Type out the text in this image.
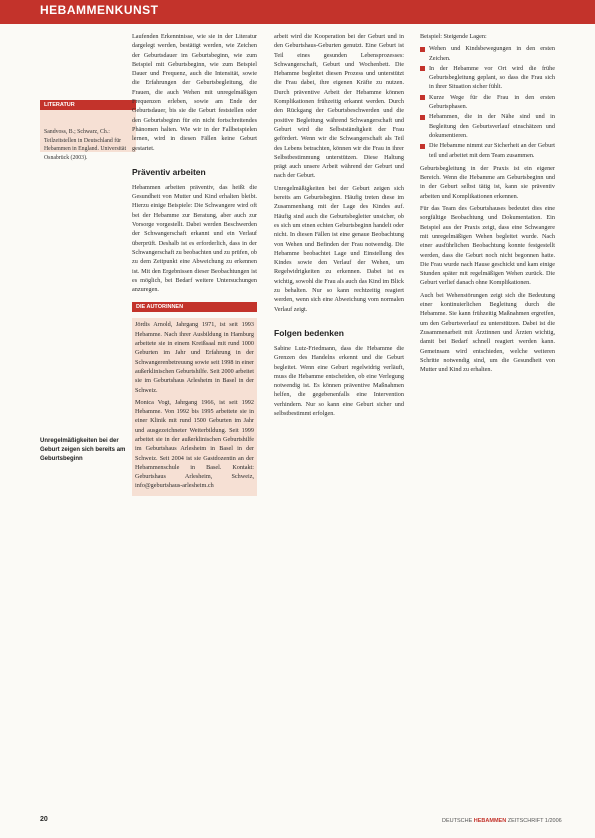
HEBAMMENKUNST
LITERATUR
Sandvoss, B.; Schwarz, Ch.: Teilzeitstellen in Deutschland für Hebammen in England. Universität Osnabrück (2003).
Unregelmäßigkeiten bei der Geburt zeigen sich bereits am Geburtsbeginn

Laufenden Erkenntnisse, wie sie in der Literatur dargelegt werden, bestätigt werden, wie Zeichen der Geburtsdauer im Geburtsbeginn, wie zum Beispiel mit Geburtsbeginn, wie zum Beispiel Dauer und Frequenz, auch die Intensität, sowie die Erfahrungen der Geburtsbegleitung, die Frauen, die auch Wehen mit unregelmäßigen Frequenzen erleben, sowie am Ende der Geburtsdauer, bis sie die Geburt feststellen oder den Geburtsbeginn für ein nicht fortschreitendes Phänomen halten. Wie wir in der Fallbeispielen lernen, wird in diesen Fällen keine Geburt gestartet.

Präventiv arbeiten

Hebammen arbeiten präventiv, das heißt die Gesundheit von Mutter und Kind erhalten bleibt. Hierzu einige Beispiele: Die Schwangere wird oft bei der Hebamme zur Beratung, aber auch zur Vorsorge vorgestellt. Dabei werden Beschwerden der Schwangerschaft erkannt und ein Verlauf überprüft. Deshalb ist es erforderlich, dass in der Schwangerschaft zu beobachten und zu prüfen, ob zu dem Zeitpunkt eine Abweichung zu erkennen ist. Mit den Ergebnissen dieser Beobachtungen ist es möglich, bei Bedarf weitere Untersuchungen anzuregen.

DIE AUTORINNEN

Jördis Arnold, Jahrgang 1971, ist seit 1993 Hebamme. Nach ihrer Ausbildung in Hamburg arbeitete sie in einem Kreißsaal mit rund 1000 Geburten im Jahr und Erfahrung in der Schwangerenbetreuung sowie seit 1998 in einer außerklinischen Geburtshilfe. Seit 2000 arbeitet sie im Geburtshaus Arlesheim in Basel in der Schweiz.

Monica Vogt, Jahrgang 1966, ist seit 1992 Hebamme. Von 1992 bis 1995 arbeitete sie in einer Klinik mit rund 1500 Geburten im Jahr und ausgezeichneter Weiterbildung. Seit 1999 arbeitet sie in der außerklinischen Geburtshilfe im Geburtshaus Arlesheim in Basel in der Schweiz. Seit 2004 ist sie Gastdozentin an der Hebammenschule in Basel. Kontakt: Geburtshaus Arlesheim, Schweiz, info@geburtshaus-arlesheim.ch

arbeit wird die Kooperation bei der Geburt und in den Geburtshaus-Geburten genutzt. Eine Geburt ist Teil eines gesunden Lebensprozesses: Schwangerschaft, Geburt und Wochenbett. Die Hebamme begleitet diesen Prozess und unterstützt die Frau dabei, ihre eigenen Kräfte zu nutzen. Durch präventive Arbeit der Hebamme können Komplikationen frühzeitig erkannt werden. Durch den Rückgang der Geburtsbeschwerden und die positive Begleitung während Schwangerschaft und Geburt wird die Selbstständigkeit der Frau gefördert. Wenn wir die Schwangerschaft als Teil des Lebens betrachten, können wir die Frau in ihrer Selbstbestimmung unterstützen. Diese Haltung prägt auch unsere Arbeit während der Geburt und nach der Geburt.

Unregelmäßigkeiten bei der Geburt zeigen sich bereits am Geburtsbeginn. Häufig treten diese im Zusammenhang mit der Lage des Kindes auf. Häufig sind auch die Geburtsbegleiter unsicher, ob es sich um einen echten Geburtsbeginn handelt oder nicht. In diesen Fällen ist eine genaue Beobachtung von Wehen und Befinden der Frau notwendig. Die Hebamme beobachtet Lage und Einstellung des Kindes sowie den Verlauf der Wehen, um Regelwidrigkeiten zu erkennen. Dabei ist es wichtig, sowohl die Frau als auch das Kind im Blick zu behalten. Nur so kann rechtzeitig reagiert werden, wenn sich eine Abweichung vom normalen Verlauf zeigt.

Folgen bedenken

Sabine Lutz-Friedmann, dass die Hebamme die Grenzen des Handelns erkennt und die Geburt begleitet. Wenn eine Geburt regelwidrig verläuft, muss die Hebamme entscheiden, ob eine Verlegung notwendig ist. Es können präventive Maßnahmen helfen, die gegebenenfalls eine Intervention verhindern. Nur so kann eine Geburt sicher und selbstbestimmt erfolgen.

Beispiel: Steigende Lagen:

Wehen und Kindsbewegungen in den ersten Zeichen.
In der Hebamme vor Ort wird die frühe Geburtsbegleitung geplant, so dass die Frau sich in ihrer Situation sicher fühlt.
Kurze Wege für die Frau in den ersten Geburtsphasen.
Hebammen, die in der Nähe sind und in Begleitung den Geburtsverlauf einschätzen und dokumentieren.
Die Hebamme nimmt zur Sicherheit an der Geburt teil und arbeitet mit dem Team zusammen.

Geburtsbegleitung in der Praxis ist ein eigener Bereich. Wenn die Hebamme am Geburtsbeginn und in der Geburt selbst tätig ist, kann sie präventiv arbeiten und Komplikationen erkennen.

Für das Team des Geburtshauses bedeutet dies eine sorgfältige Beobachtung und Dokumentation. Ein Beispiel aus der Praxis zeigt, dass eine Schwangere mit unregelmäßigen Wehen begleitet wurde. Nach einer ausführlichen Beobachtung konnte festgestellt werden, dass die Geburt noch nicht begonnen hatte. Die Frau wurde nach Hause geschickt und kam einige Stunden später mit regelmäßigen Wehen zurück. Die Geburt verlief danach ohne Komplikationen.

Auch bei Wehenstörungen zeigt sich die Bedeutung einer kontinuierlichen Begleitung durch die Hebamme. Sie kann frühzeitig Maßnahmen ergreifen, um den Geburtsverlauf zu unterstützen. Dabei ist die Zusammenarbeit mit Ärztinnen und Ärzten wichtig, damit bei Bedarf schnell reagiert werden kann. Gemeinsam wird entschieden, welche weiteren Schritte notwendig sind, um die Gesundheit von Mutter und Kind zu erhalten.

20	DEUTSCHE HEBAMMEN ZEITSCHRIFT 1/2006
